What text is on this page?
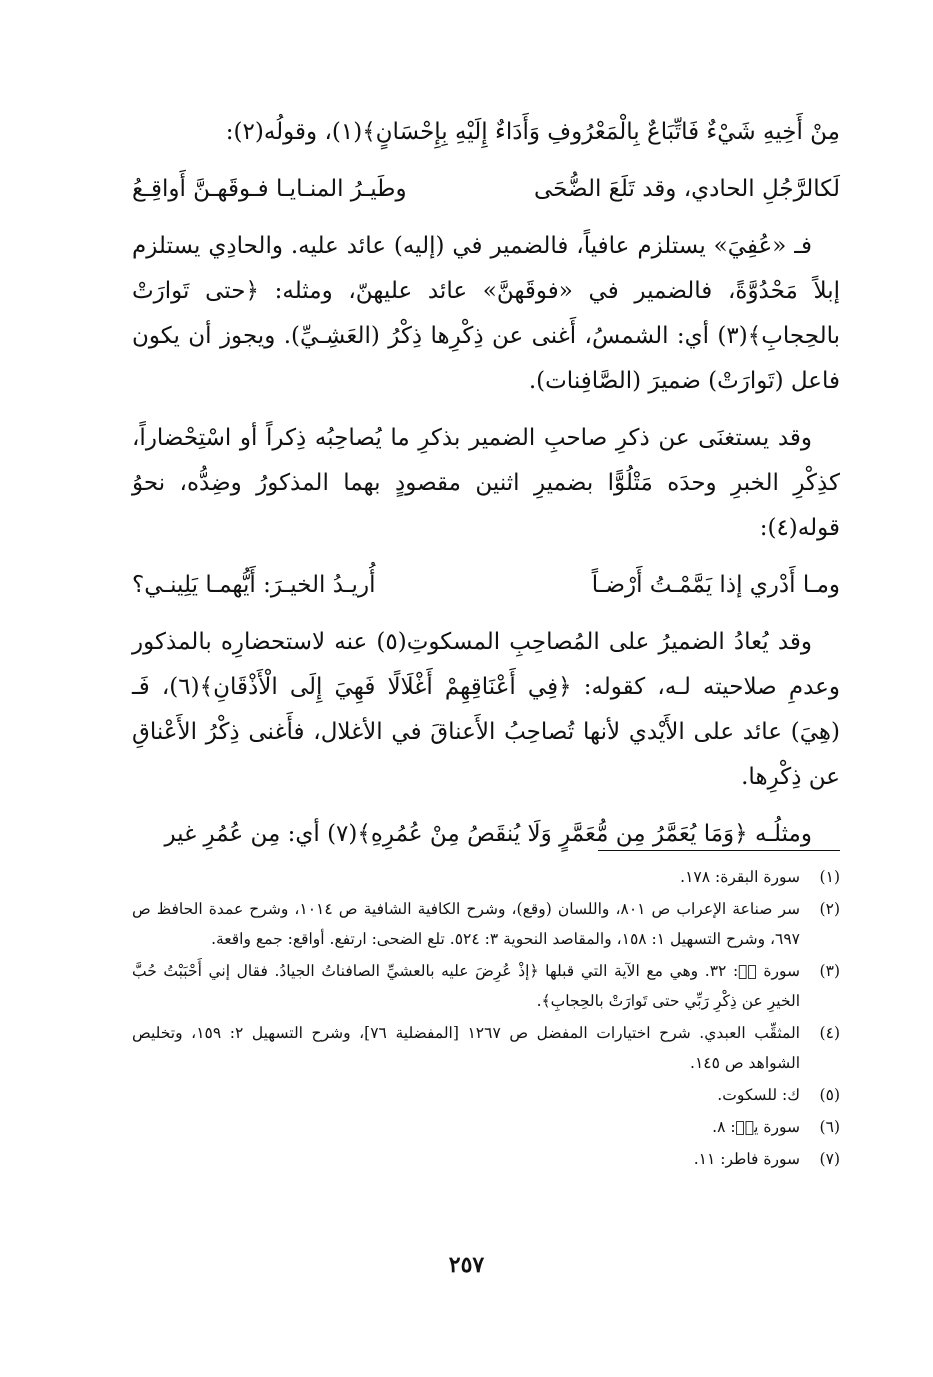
مِنْ أَخِيهِ شَيْءٌ فَاتِّبَاعٌ بِالْمَعْرُوفِ وَأَدَاءٌ إِلَيْهِ بِإِحْسَانٍ﴾(١)، وقولُه(٢):

لَكالرَّجُلِ الحادي، وقد تَلَعَ الضُّحَى
وطَيـرُ المنـايـا فـوقَهـنَّ أَواقِـعُ

فـ «عُفِيَ» يستلزم عافياً، فالضمير في (إليه) عائد عليه. والحادِي يستلزم إبلاً مَحْدُوَّةً، فالضمير في «فوقَهنَّ» عائد عليهنّ، ومثله: ﴿حتى تَوارَتْ بالحِجابِ﴾(٣) أي: الشمسُ، أَغنى عن ذِكْرِها ذِكْرُ (العَشِـيِّ). ويجوز أن يكون فاعل (تَوارَتْ) ضميرَ (الصَّافِنات).

وقد يستغنَى عن ذكرِ صاحبِ الضمير بذكرِ ما يُصاحِبُه ذِكراً أو اسْتِحْضاراً، كذِكْرِ الخبرِ وحدَه مَتْلُوًّا بضميرِ اثنين مقصودٍ بهما المذكورُ وضِدُّه، نحوُ قوله(٤):

ومـا أَدْري إذا يَمَّمْـتُ أَرْضـاً
أُريـدُ الخيـرَ: أَيُّهمـا يَلِينـي؟

وقد يُعادُ الضميرُ على المُصاحِبِ المسكوتِ(٥) عنه لاستحضارِه بالمذكور وعدمِ صلاحيته لـه، كقوله: ﴿فِي أَعْنَاقِهِمْ أَغْلَالًا فَهِيَ إِلَى الْأَذْقَانِ﴾(٦)، فَـ (هِيَ) عائد على الأَيْدي لأنها تُصاحِبُ الأَعناقَ في الأغلال، فأَغنى ذِكْرُ الأَعْناقِ عن ذِكْرِها.

ومثلُـه ﴿وَمَا يُعَمَّرُ مِن مُّعَمَّرٍ وَلَا يُنقَصُ مِنْ عُمُرِهِ﴾(٧) أي: مِن عُمُرِ غير

(١)
سورة البقرة: ١٧٨.
(٢)
سر صناعة الإعراب ص ٨٠١، واللسان (وقع)، وشرح الكافية الشافية ص ١٠١٤، وشرح عمدة الحافظ ص ٦٩٧، وشرح التسهيل ١: ١٥٨، والمقاصد النحوية ٣: ٥٢٤. تلع الضحى: ارتفع. أواقع: جمع واقعة.
(٣)
سورة صۤ: ٣٢. وهي مع الآية التي قبلها ﴿إذْ عُرِضَ عليه بالعشيِّ الصافناتُ الجيادُ. فقال إني أَحْبَبْتُ حُبَّ الخيرِ عن ذِكْرِ رَبِّي حتى تَوارَتْ بالحِجابِ﴾.
(٤)
المثقِّب العبدي. شرح اختيارات المفضل ص ١٢٦٧ [المفضلية ٧٦]، وشرح التسهيل ٢: ١٥٩، وتخليص الشواهد ص ١٤٥.
(٥)
ك: للسكوت.
(٦)
سورة يسۤ: ٨.
(٧)
سورة فاطر: ١١.
٢٥٧
